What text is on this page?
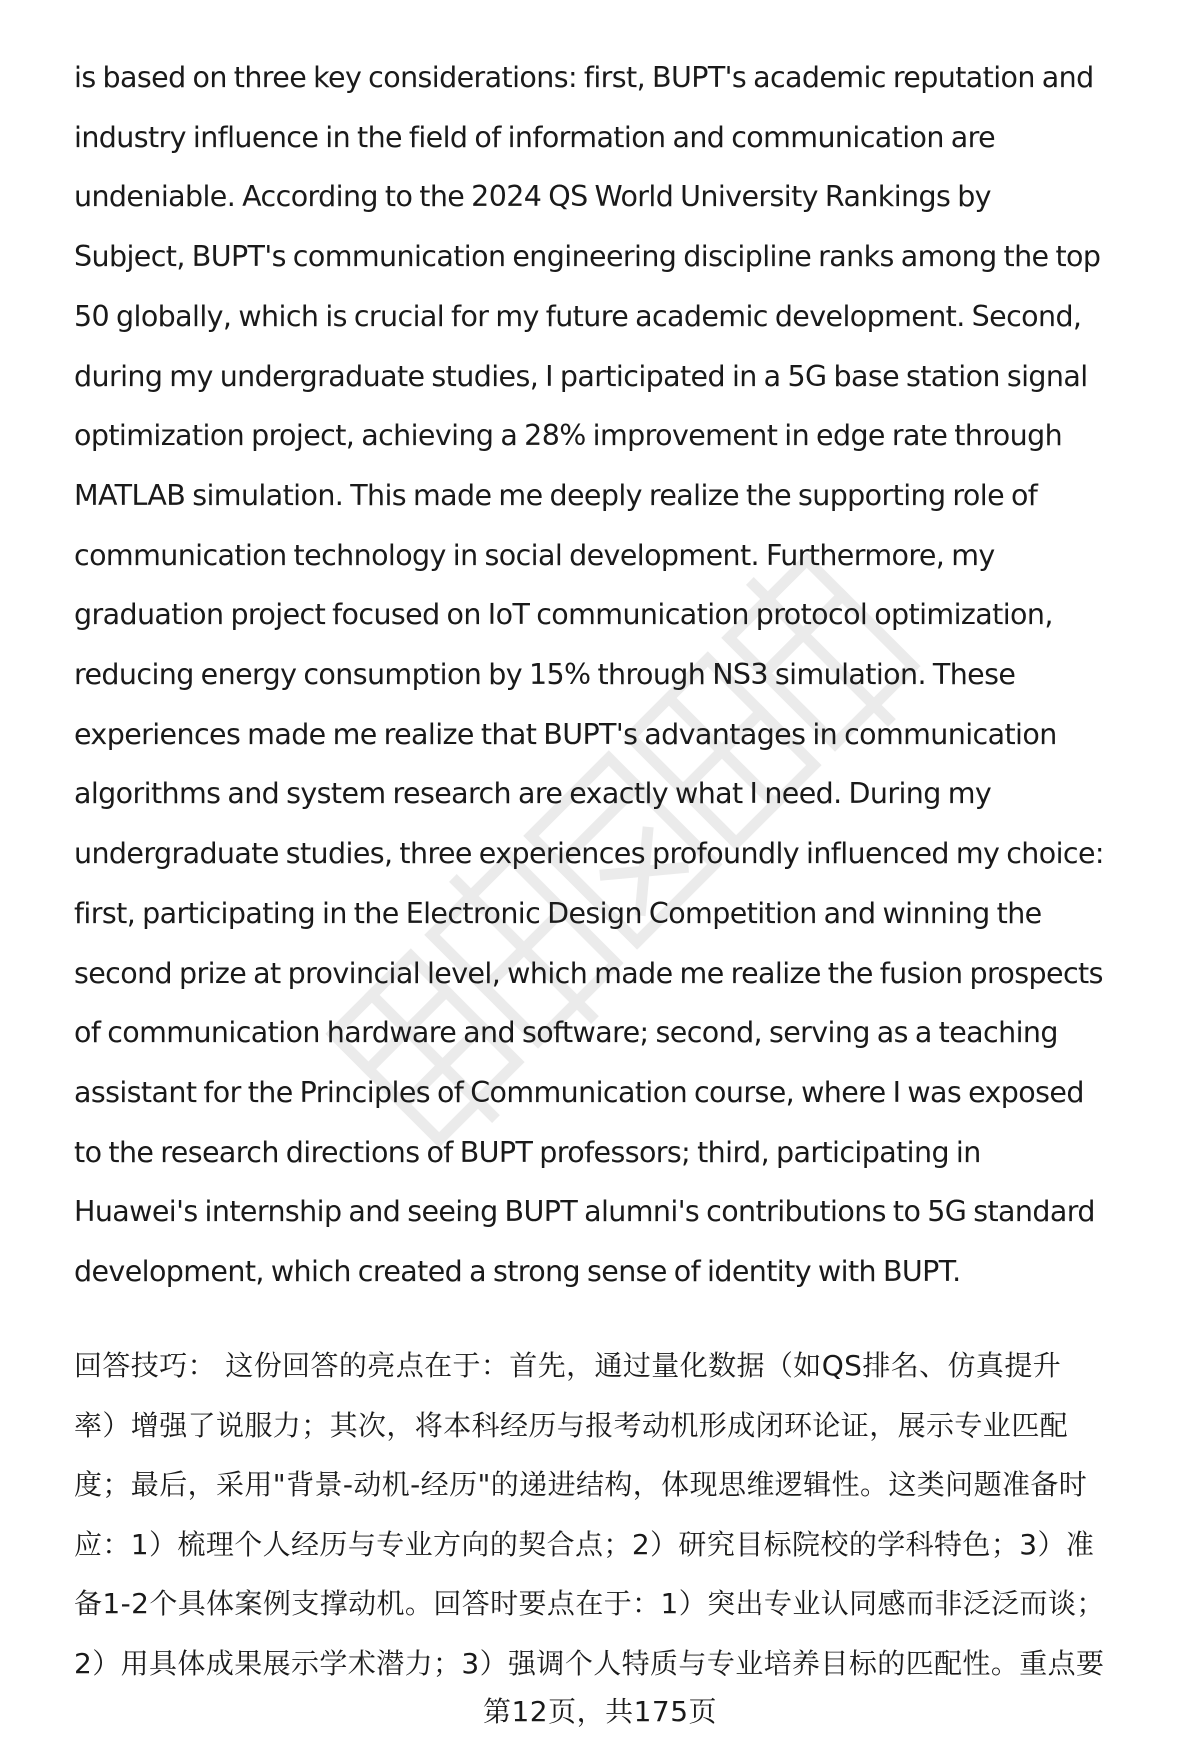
is based on three key considerations: first, BUPT's academic reputation and
industry influence in the field of information and communication are
undeniable. According to the 2024 QS World University Rankings by
Subject, BUPT's communication engineering discipline ranks among the top
50 globally, which is crucial for my future academic development. Second,
during my undergraduate studies, I participated in a 5G base station signal
optimization project, achieving a 28% improvement in edge rate through
MATLAB simulation. This made me deeply realize the supporting role of
communication technology in social development. Furthermore, my
graduation project focused on IoT communication protocol optimization,
reducing energy consumption by 15% through NS3 simulation. These
experiences made me realize that BUPT's advantages in communication
algorithms and system research are exactly what I need. During my
undergraduate studies, three experiences profoundly influenced my choice:
first, participating in the Electronic Design Competition and winning the
second prize at provincial level, which made me realize the fusion prospects
of communication hardware and software; second, serving as a teaching
assistant for the Principles of Communication course, where I was exposed
to the research directions of BUPT professors; third, participating in
Huawei's internship and seeing BUPT alumni's contributions to 5G standard
development, which created a strong sense of identity with BUPT.
回答技巧： 这份回答的亮点在于：首先，通过量化数据（如QS排名、仿真提升
率）增强了说服力；其次，将本科经历与报考动机形成闭环论证，展示专业匹配
度；最后，采用"背景-动机-经历"的递进结构，体现思维逻辑性。这类问题准备时
应：1）梳理个人经历与专业方向的契合点；2）研究目标院校的学科特色；3）准
备1-2个具体案例支撑动机。回答时要点在于：1）突出专业认同感而非泛泛而谈；
2）用具体成果展示学术潜力；3）强调个人特质与专业培养目标的匹配性。重点要
第12页，共175页
